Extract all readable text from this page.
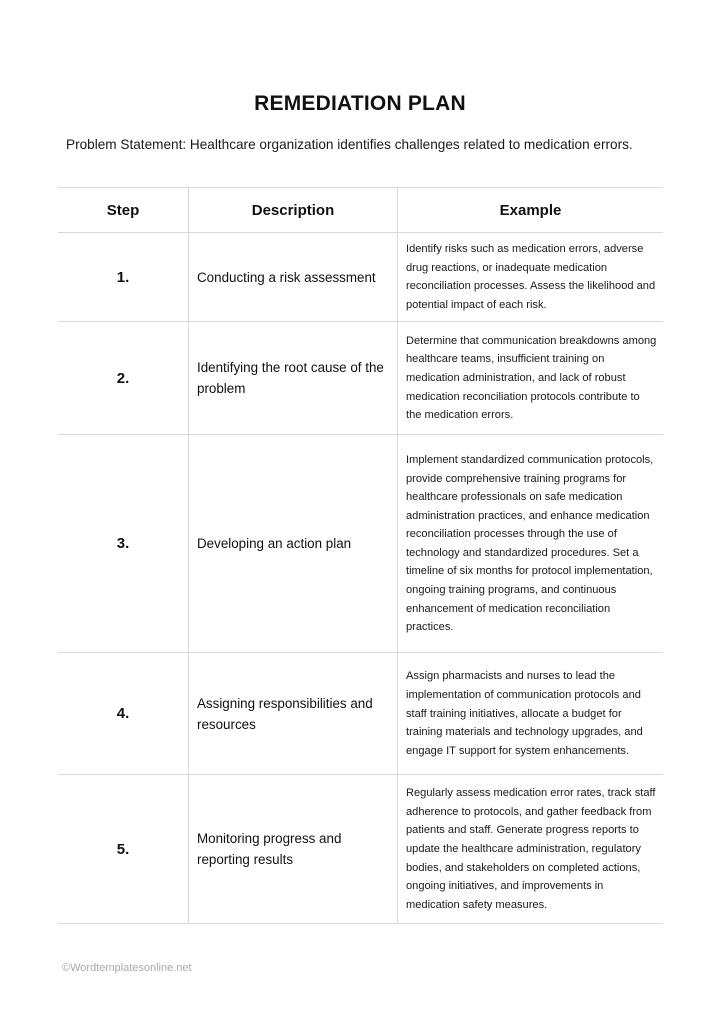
REMEDIATION PLAN
Problem Statement: Healthcare organization identifies challenges related to medication errors.
Step	Description	Example
1.	Conducting a risk assessment	Identify risks such as medication errors, adverse drug reactions, or inadequate medication reconciliation processes. Assess the likelihood and potential impact of each risk.
2.	Identifying the root cause of the problem	Determine that communication breakdowns among healthcare teams, insufficient training on medication administration, and lack of robust medication reconciliation protocols contribute to the medication errors.
3.	Developing an action plan	Implement standardized communication protocols, provide comprehensive training programs for healthcare professionals on safe medication administration practices, and enhance medication reconciliation processes through the use of technology and standardized procedures. Set a timeline of six months for protocol implementation, ongoing training programs, and continuous enhancement of medication reconciliation practices.
4.	Assigning responsibilities and resources	Assign pharmacists and nurses to lead the implementation of communication protocols and staff training initiatives, allocate a budget for training materials and technology upgrades, and engage IT support for system enhancements.
5.	Monitoring progress and reporting results	Regularly assess medication error rates, track staff adherence to protocols, and gather feedback from patients and staff. Generate progress reports to update the healthcare administration, regulatory bodies, and stakeholders on completed actions, ongoing initiatives, and improvements in medication safety measures.
©Wordtemplatesonline.net
